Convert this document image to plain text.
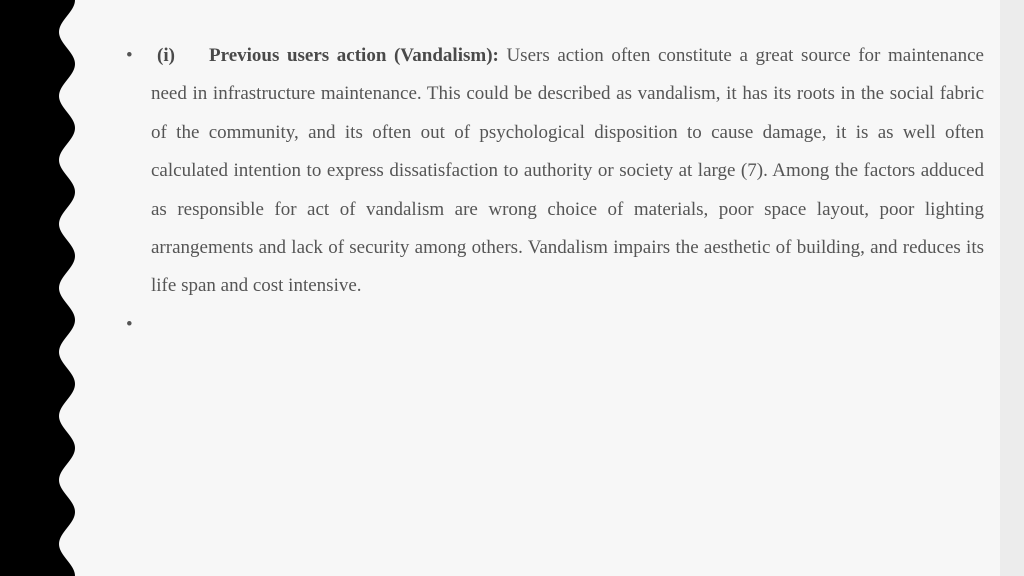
•	(i) Previous users action (Vandalism): Users action often constitute a great source for maintenance need in infrastructure maintenance. This could be described as vandalism, it has its roots in the social fabric of the community, and its often out of psychological disposition to cause damage, it is as well often calculated intention to express dissatisfaction to authority or society at large (7). Among the factors adduced as responsible for act of vandalism are wrong choice of materials, poor space layout, poor lighting arrangements and lack of security among others. Vandalism impairs the aesthetic of building, and reduces its life span and cost intensive.
•
